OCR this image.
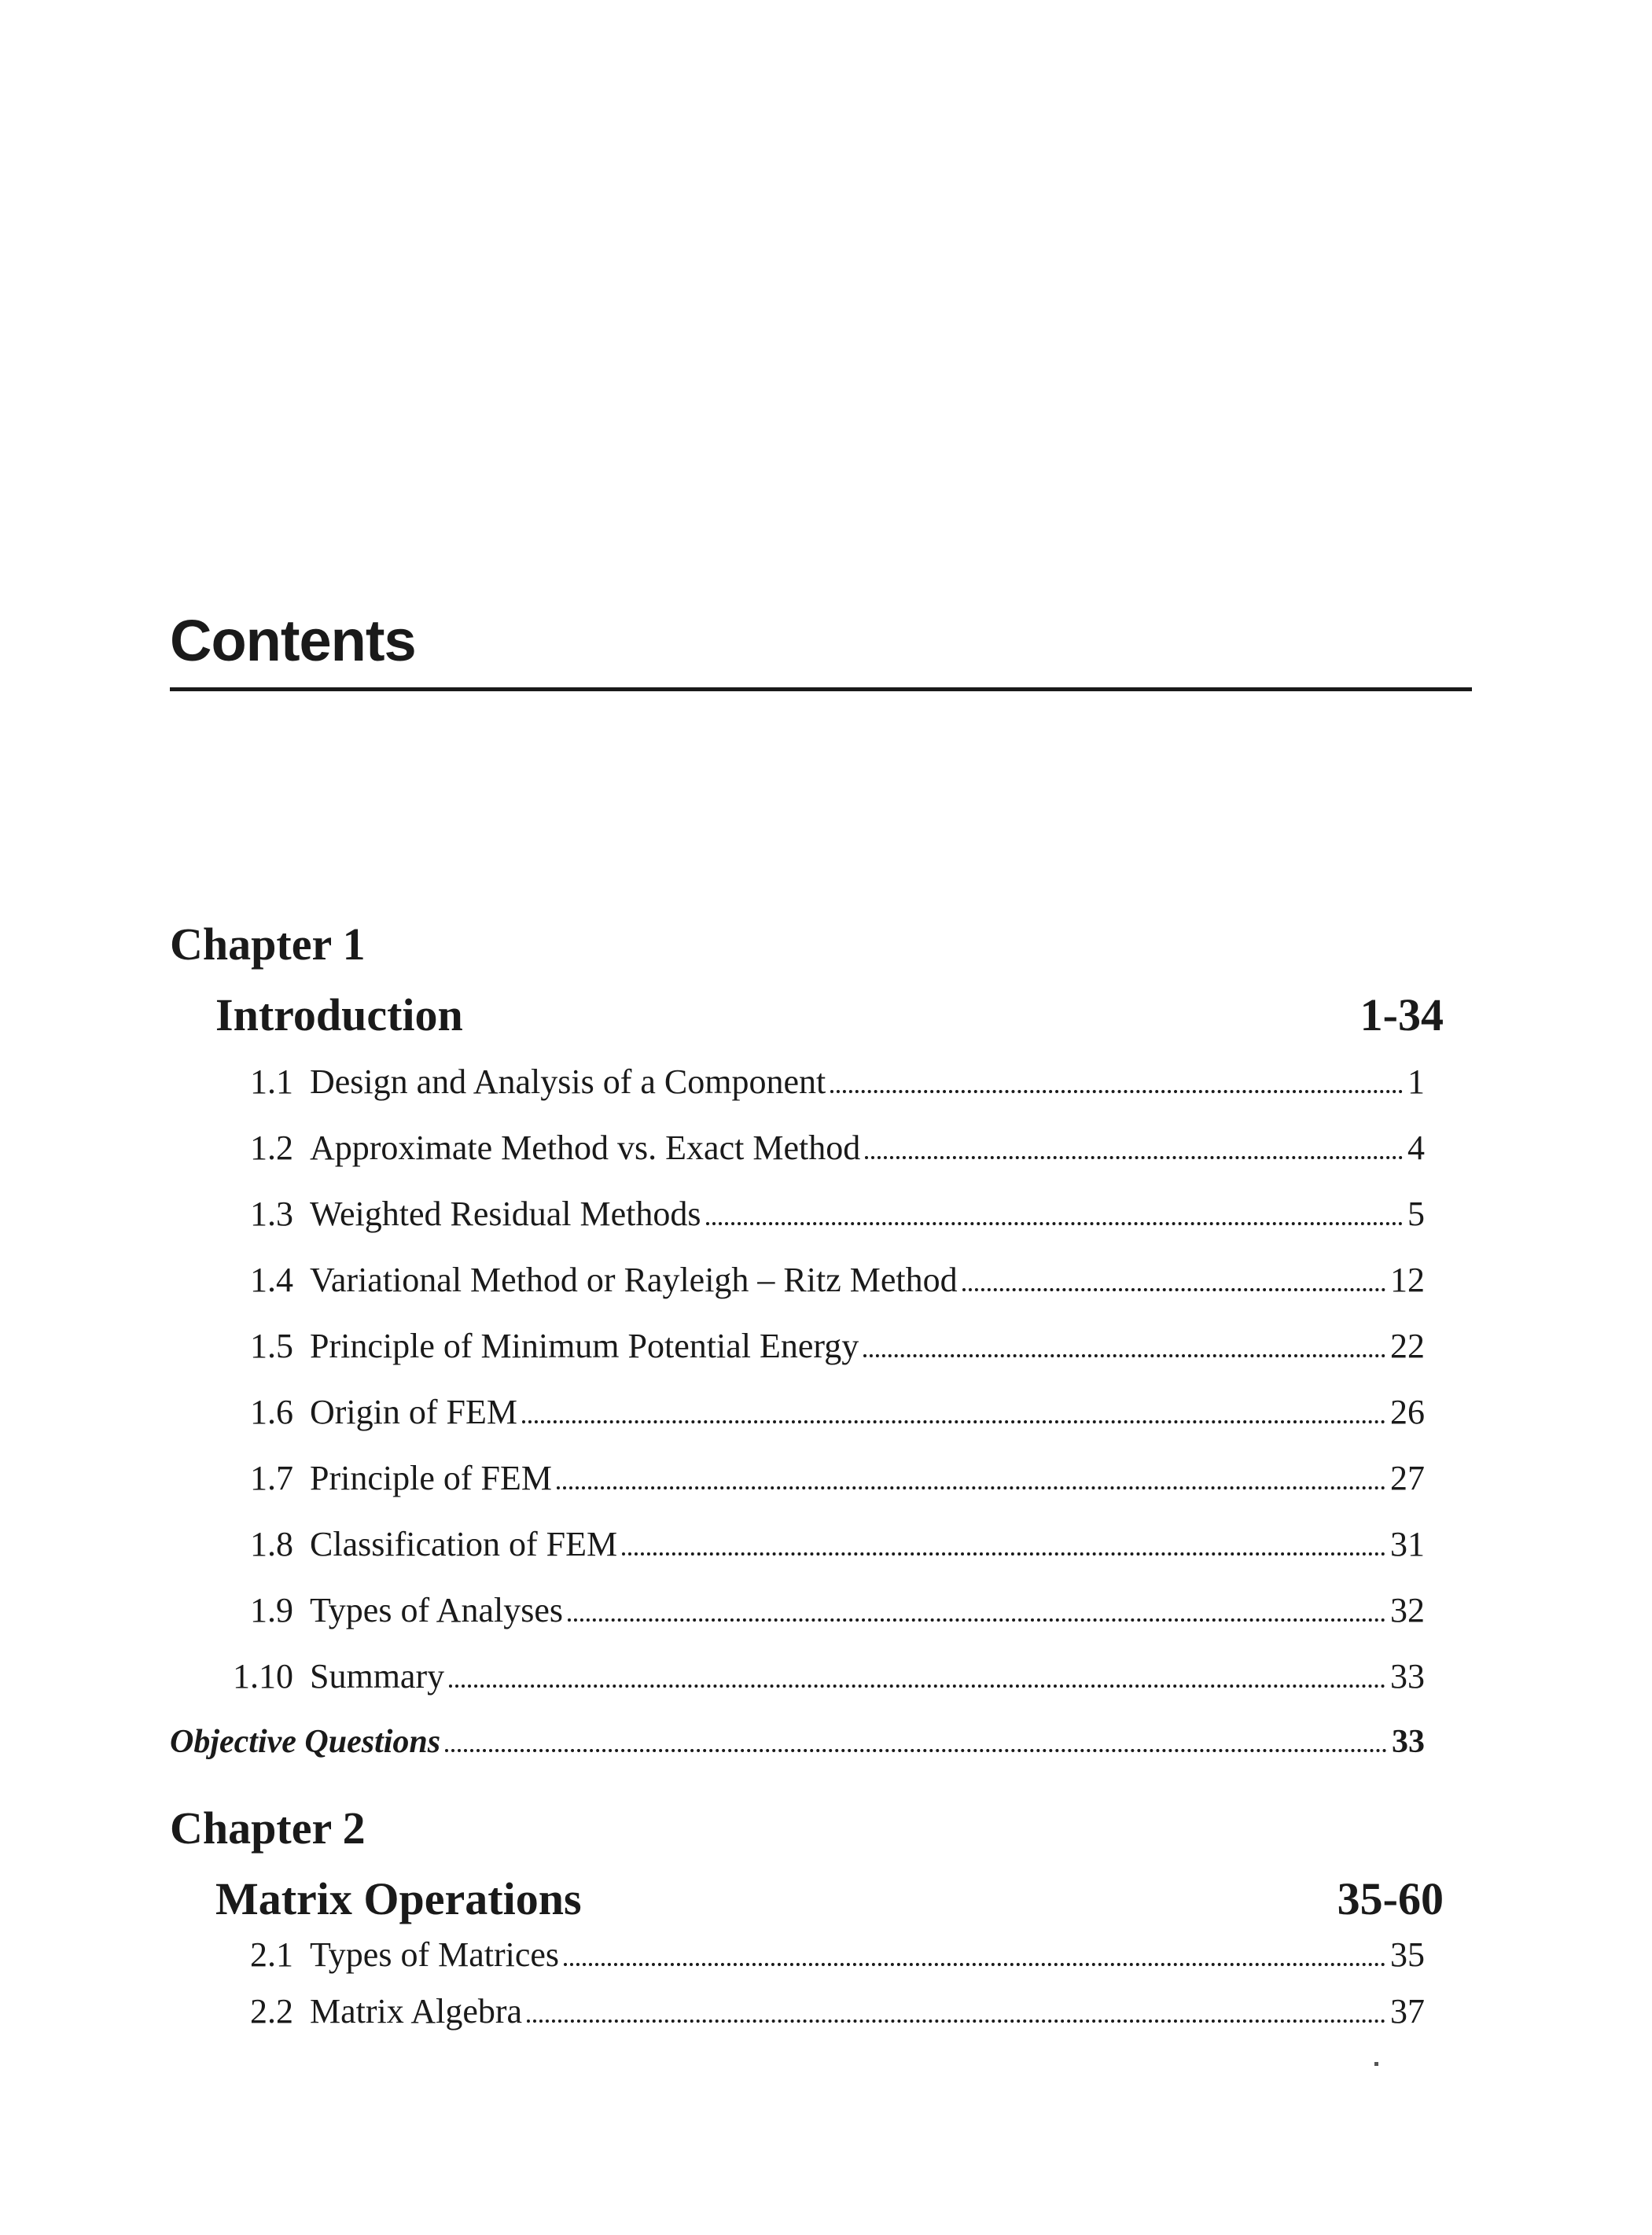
Contents
Chapter 1
Introduction	1-34
1.1 Design and Analysis of a Component	1
1.2 Approximate Method vs. Exact Method	4
1.3 Weighted Residual Methods	5
1.4 Variational Method or Rayleigh – Ritz Method	12
1.5 Principle of Minimum Potential Energy	22
1.6 Origin of FEM	26
1.7 Principle of FEM	27
1.8 Classification of FEM	31
1.9 Types of Analyses	32
1.10 Summary	33
Objective Questions	33
Chapter 2
Matrix Operations	35-60
2.1 Types of Matrices	35
2.2 Matrix Algebra	37
